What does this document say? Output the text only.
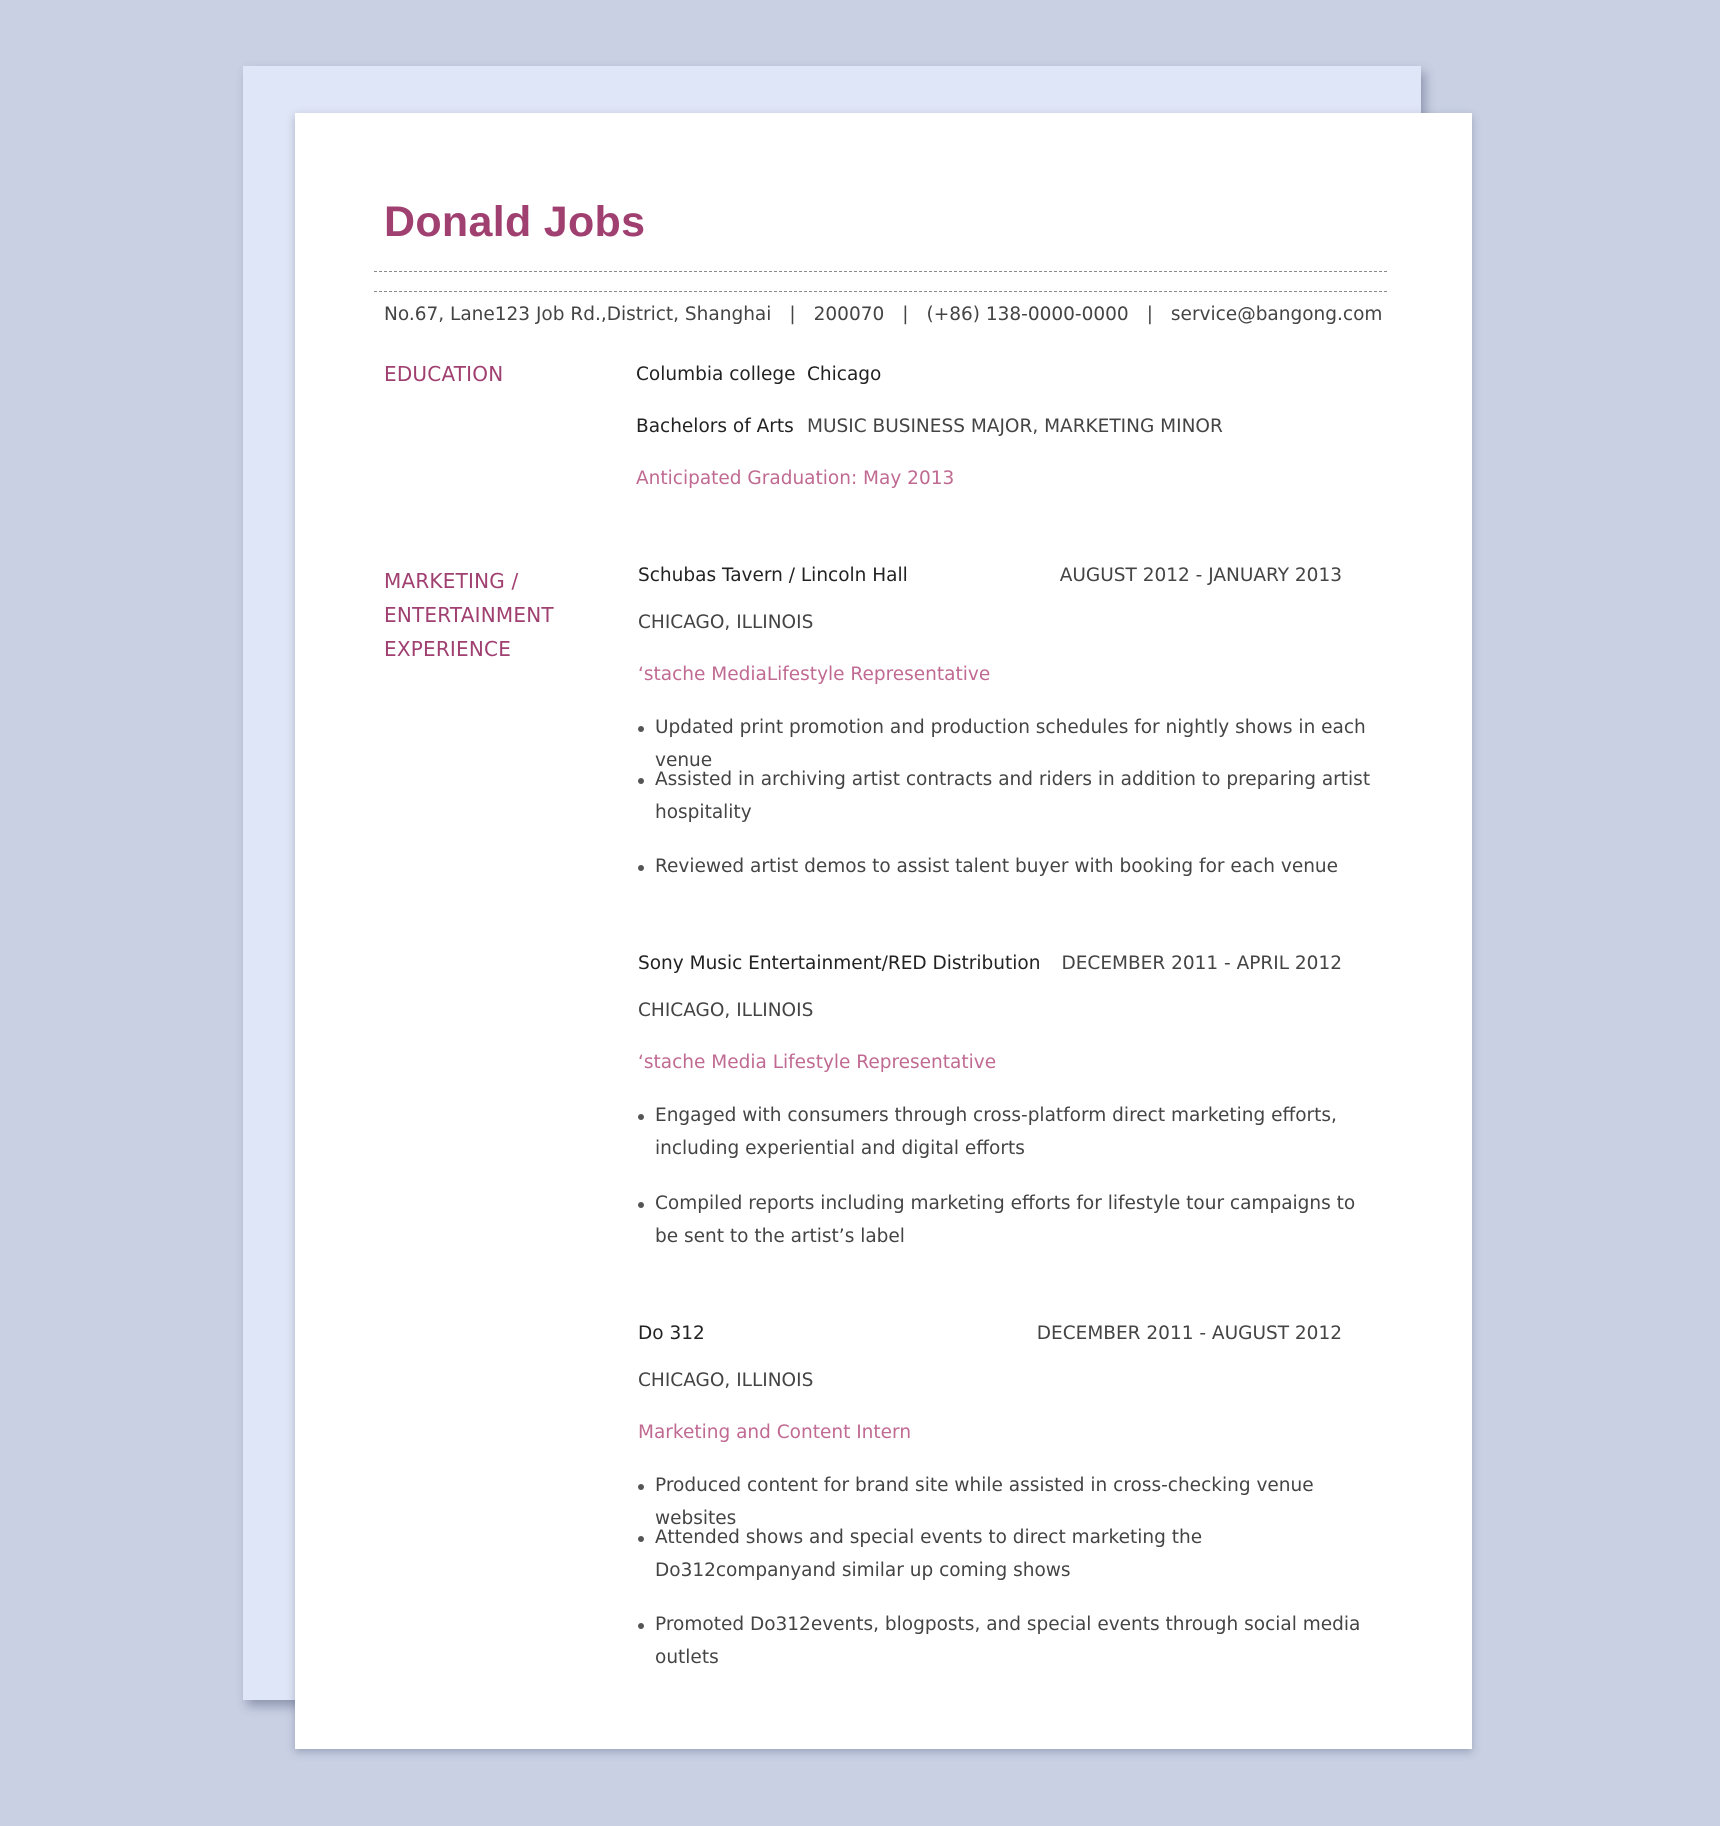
Donald Jobs
No.67, Lane123 Job Rd.,District, Shanghai | 200070 | (+86) 138-0000-0000 | service@bangong.com
EDUCATION	Columbia college Chicago
Bachelors of Arts MUSIC BUSINESS MAJOR, MARKETING MINOR
Anticipated Graduation: May 2013
MARKETING / ENTERTAINMENT EXPERIENCE
Schubas Tavern / Lincoln Hall	AUGUST 2012 - JANUARY 2013
CHICAGO, ILLINOIS
‘stache MediaLifestyle Representative
Updated print promotion and production schedules for nightly shows in each venue
Assisted in archiving artist contracts and riders in addition to preparing artist hospitality
Reviewed artist demos to assist talent buyer with booking for each venue
Sony Music Entertainment/RED Distribution DECEMBER 2011 - APRIL 2012
CHICAGO, ILLINOIS
‘stache Media Lifestyle Representative
Engaged with consumers through cross-platform direct marketing efforts, including experiential and digital efforts
Compiled reports including marketing efforts for lifestyle tour campaigns to be sent to the artist’s label
Do 312	DECEMBER 2011 - AUGUST 2012
CHICAGO, ILLINOIS
Marketing and Content Intern
Produced content for brand site while assisted in cross-checking venue websites
Attended shows and special events to direct marketing the Do312companyand similar up coming shows
Promoted Do312events, blogposts, and special events through social media outlets
